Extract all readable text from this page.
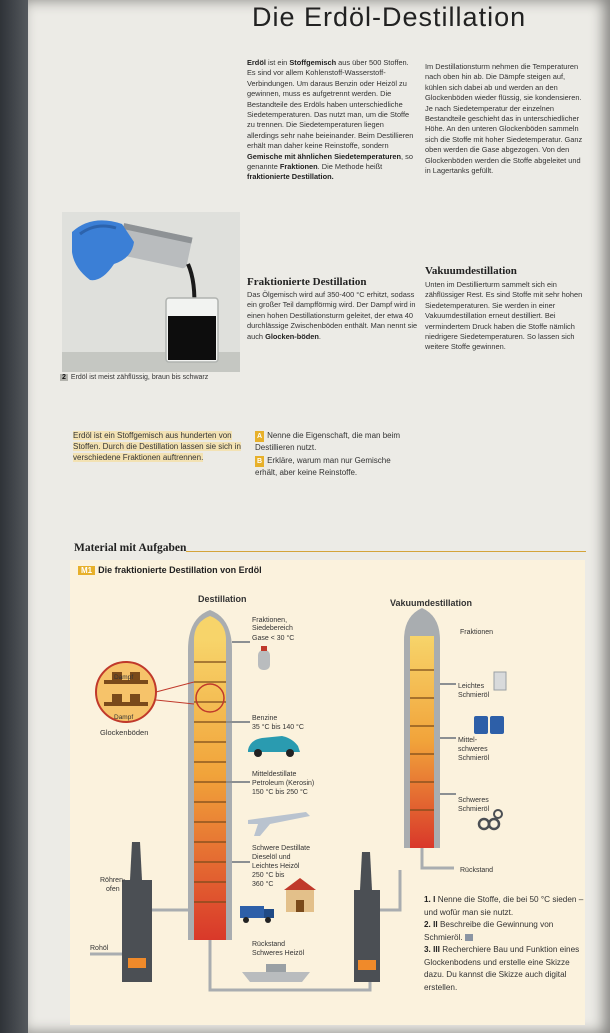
Die Erdöl-Destillation
Erdöl ist ein Stoffgemisch aus über 500 Stoffen. Es sind vor allem Kohlenstoff-Wasserstoff-Verbindungen. Um daraus Benzin oder Heizöl zu gewinnen, muss es aufgetrennt werden. Die Bestandteile des Erdöls haben unterschiedliche Siedetemperaturen. Das nutzt man, um die Stoffe zu trennen. Die Siedetemperaturen liegen allerdings sehr nahe beieinander. Beim Destillieren erhält man daher keine Reinstoffe, sondern Gemische mit ähnlichen Siedetemperaturen, so genannte Fraktionen. Die Methode heißt fraktionierte Destillation.
Fraktionierte Destillation
Das Ölgemisch wird auf 350-400 °C erhitzt, sodass ein großer Teil dampfförmig wird. Der Dampf wird in einen hohen Destillationsturm geleitet, der etwa 40 durchlässige Zwischenböden enthält. Man nennt sie auch Glocken-böden.
Im Destillationsturm nehmen die Temperaturen nach oben hin ab. Die Dämpfe steigen auf, kühlen sich dabei ab und werden an den Glockenböden wieder flüssig, sie kondensieren. Je nach Siedetemperatur der einzelnen Bestandteile geschieht das in unterschiedlicher Höhe. An den unteren Glockenböden sammeln sich die Stoffe mit hoher Siedetemperatur. Ganz oben werden die Gase abgezogen. Von den Glockenböden werden die Stoffe abgeleitet und in Lagertanks gefüllt.
Vakuumdestillation
Unten im Destillierturm sammelt sich ein zähflüssiger Rest. Es sind Stoffe mit sehr hohen Siedetemperaturen. Sie werden in einer Vakuumdestillation erneut destilliert. Bei vermindertem Druck haben die Stoffe nämlich niedrigere Siedetemperaturen. So lassen sich weitere Stoffe gewinnen.
2 Erdöl ist meist zähflüssig, braun bis schwarz
Erdöl ist ein Stoffgemisch aus hunderten von Stoffen. Durch die Destillation lassen sie sich in verschiedene Fraktionen auftrennen.
A Nenne die Eigenschaft, die man beim Destillieren nutzt.
B Erkläre, warum man nur Gemische erhält, aber keine Reinstoffe.
Material mit Aufgaben
M1 Die fraktionierte Destillation von Erdöl
Destillation	Vakuumdestillation
Dampf
Dampf
Glockenböden
Fraktionen,
Siedebereich
Gase < 30 °C
Benzine
35 °C bis 140 °C
Mitteldestillate
Petroleum (Kerosin)
150 °C bis 250 °C
Schwere Destillate
Dieselöl und
Leichtes Heizöl
250 °C bis
360 °C
Rückstand
Schweres Heizöl
Röhren-
ofen
Rohöl
Fraktionen
Leichtes
Schmieröl
Mittel-
schweres
Schmieröl
Schweres
Schmieröl
Rückstand
1. I Nenne die Stoffe, die bei 50 °C sieden – und wofür man sie nutzt.
2. II Beschreibe die Gewinnung von Schmieröl.
3. III Recherchiere Bau und Funktion eines Glockenbodens und erstelle eine Skizze dazu. Du kannst die Skizze auch digital erstellen.
